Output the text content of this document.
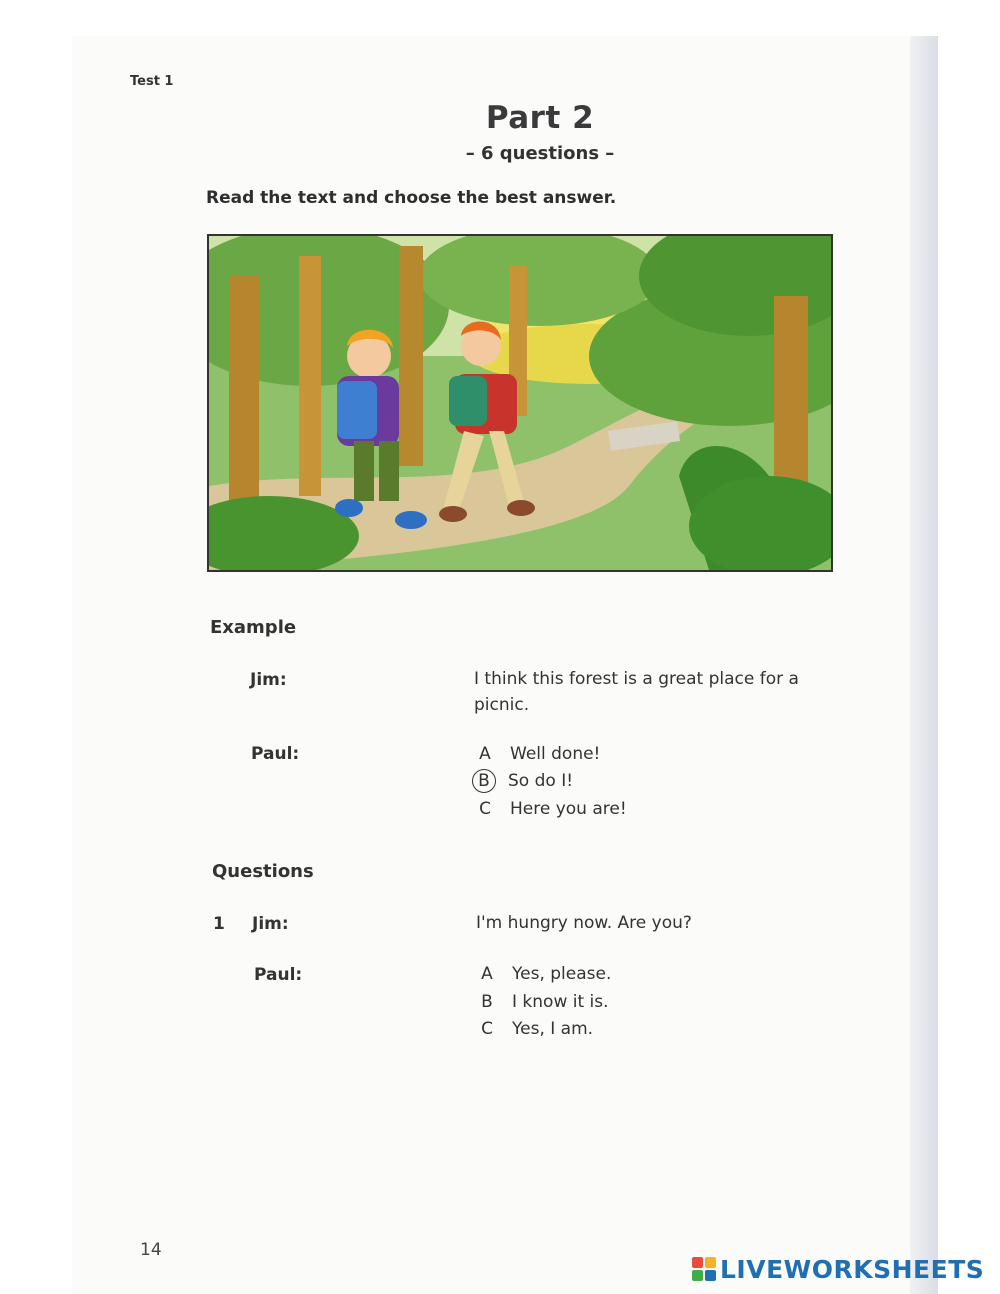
Test 1
Part 2
– 6 questions –
Read the text and choose the best answer.
Example
Jim:	I think this forest is a great place for a picnic.
Paul:	A Well done!
B So do I!
C Here you are!
Questions
1 Jim:	I'm hungry now. Are you?
Paul:	A Yes, please.
B I know it is.
C Yes, I am.
14
LIVEWORKSHEETS
